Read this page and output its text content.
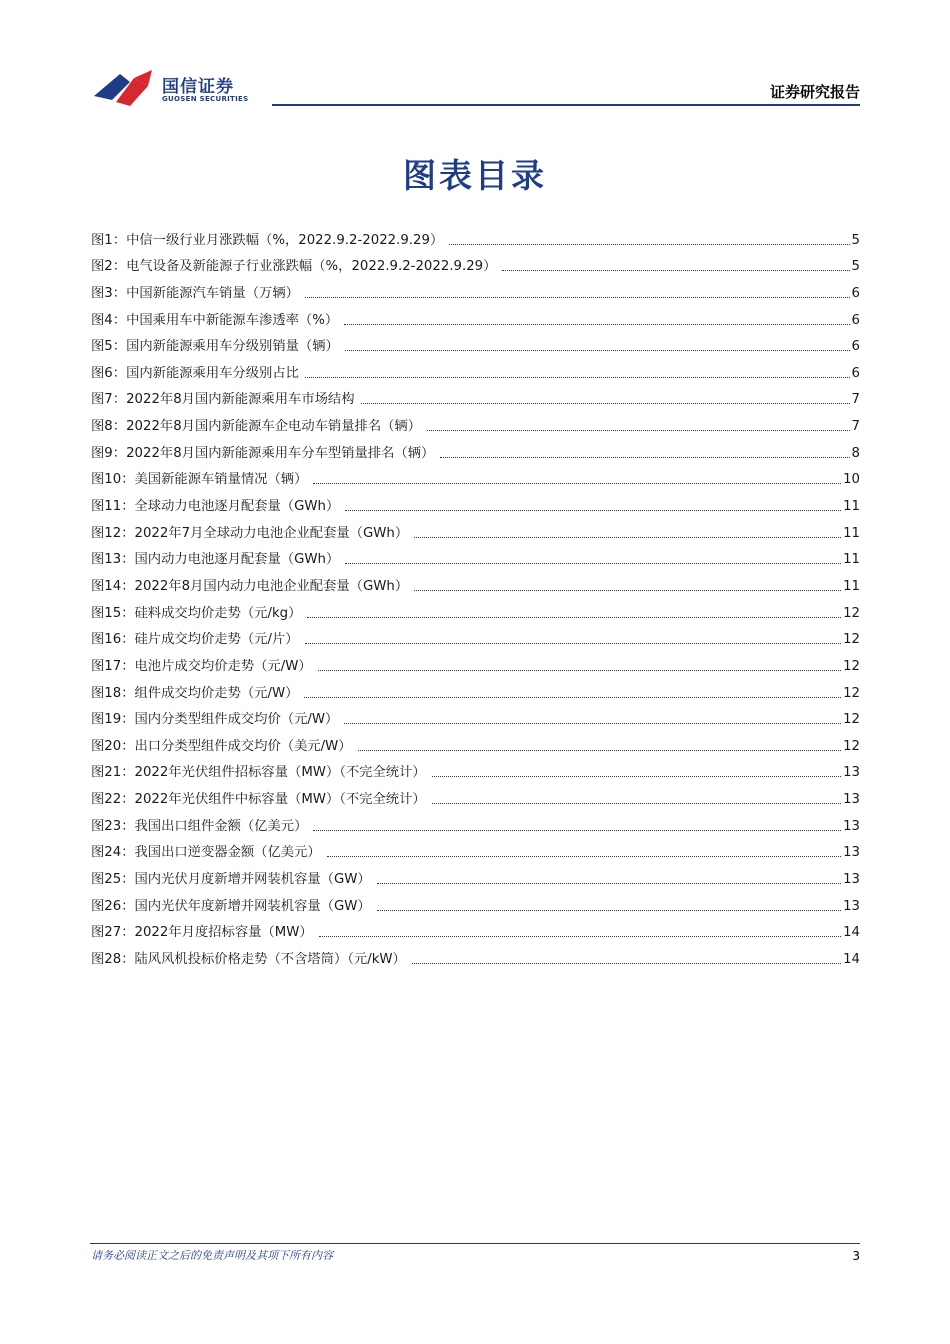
国信证券
GUOSEN SECURITIES	证券研究报告
图表目录
图1：中信一级行业月涨跌幅（%，2022.9.2-2022.9.29）	5
图2：电气设备及新能源子行业涨跌幅（%，2022.9.2-2022.9.29）	5
图3：中国新能源汽车销量（万辆）	6
图4：中国乘用车中新能源车渗透率（%）	6
图5：国内新能源乘用车分级别销量（辆）	6
图6：国内新能源乘用车分级别占比	6
图7：2022年8月国内新能源乘用车市场结构	7
图8：2022年8月国内新能源车企电动车销量排名（辆）	7
图9：2022年8月国内新能源乘用车分车型销量排名（辆）	8
图10：美国新能源车销量情况（辆）	10
图11：全球动力电池逐月配套量（GWh）	11
图12：2022年7月全球动力电池企业配套量（GWh）	11
图13：国内动力电池逐月配套量（GWh）	11
图14：2022年8月国内动力电池企业配套量（GWh）	11
图15：硅料成交均价走势（元/kg）	12
图16：硅片成交均价走势（元/片）	12
图17：电池片成交均价走势（元/W）	12
图18：组件成交均价走势（元/W）	12
图19：国内分类型组件成交均价（元/W）	12
图20：出口分类型组件成交均价（美元/W）	12
图21：2022年光伏组件招标容量（MW）（不完全统计）	13
图22：2022年光伏组件中标容量（MW）（不完全统计）	13
图23：我国出口组件金额（亿美元）	13
图24：我国出口逆变器金额（亿美元）	13
图25：国内光伏月度新增并网装机容量（GW）	13
图26：国内光伏年度新增并网装机容量（GW）	13
图27：2022年月度招标容量（MW）	14
图28：陆风风机投标价格走势（不含塔筒）（元/kW）	14
请务必阅读正文之后的免责声明及其项下所有内容	3
